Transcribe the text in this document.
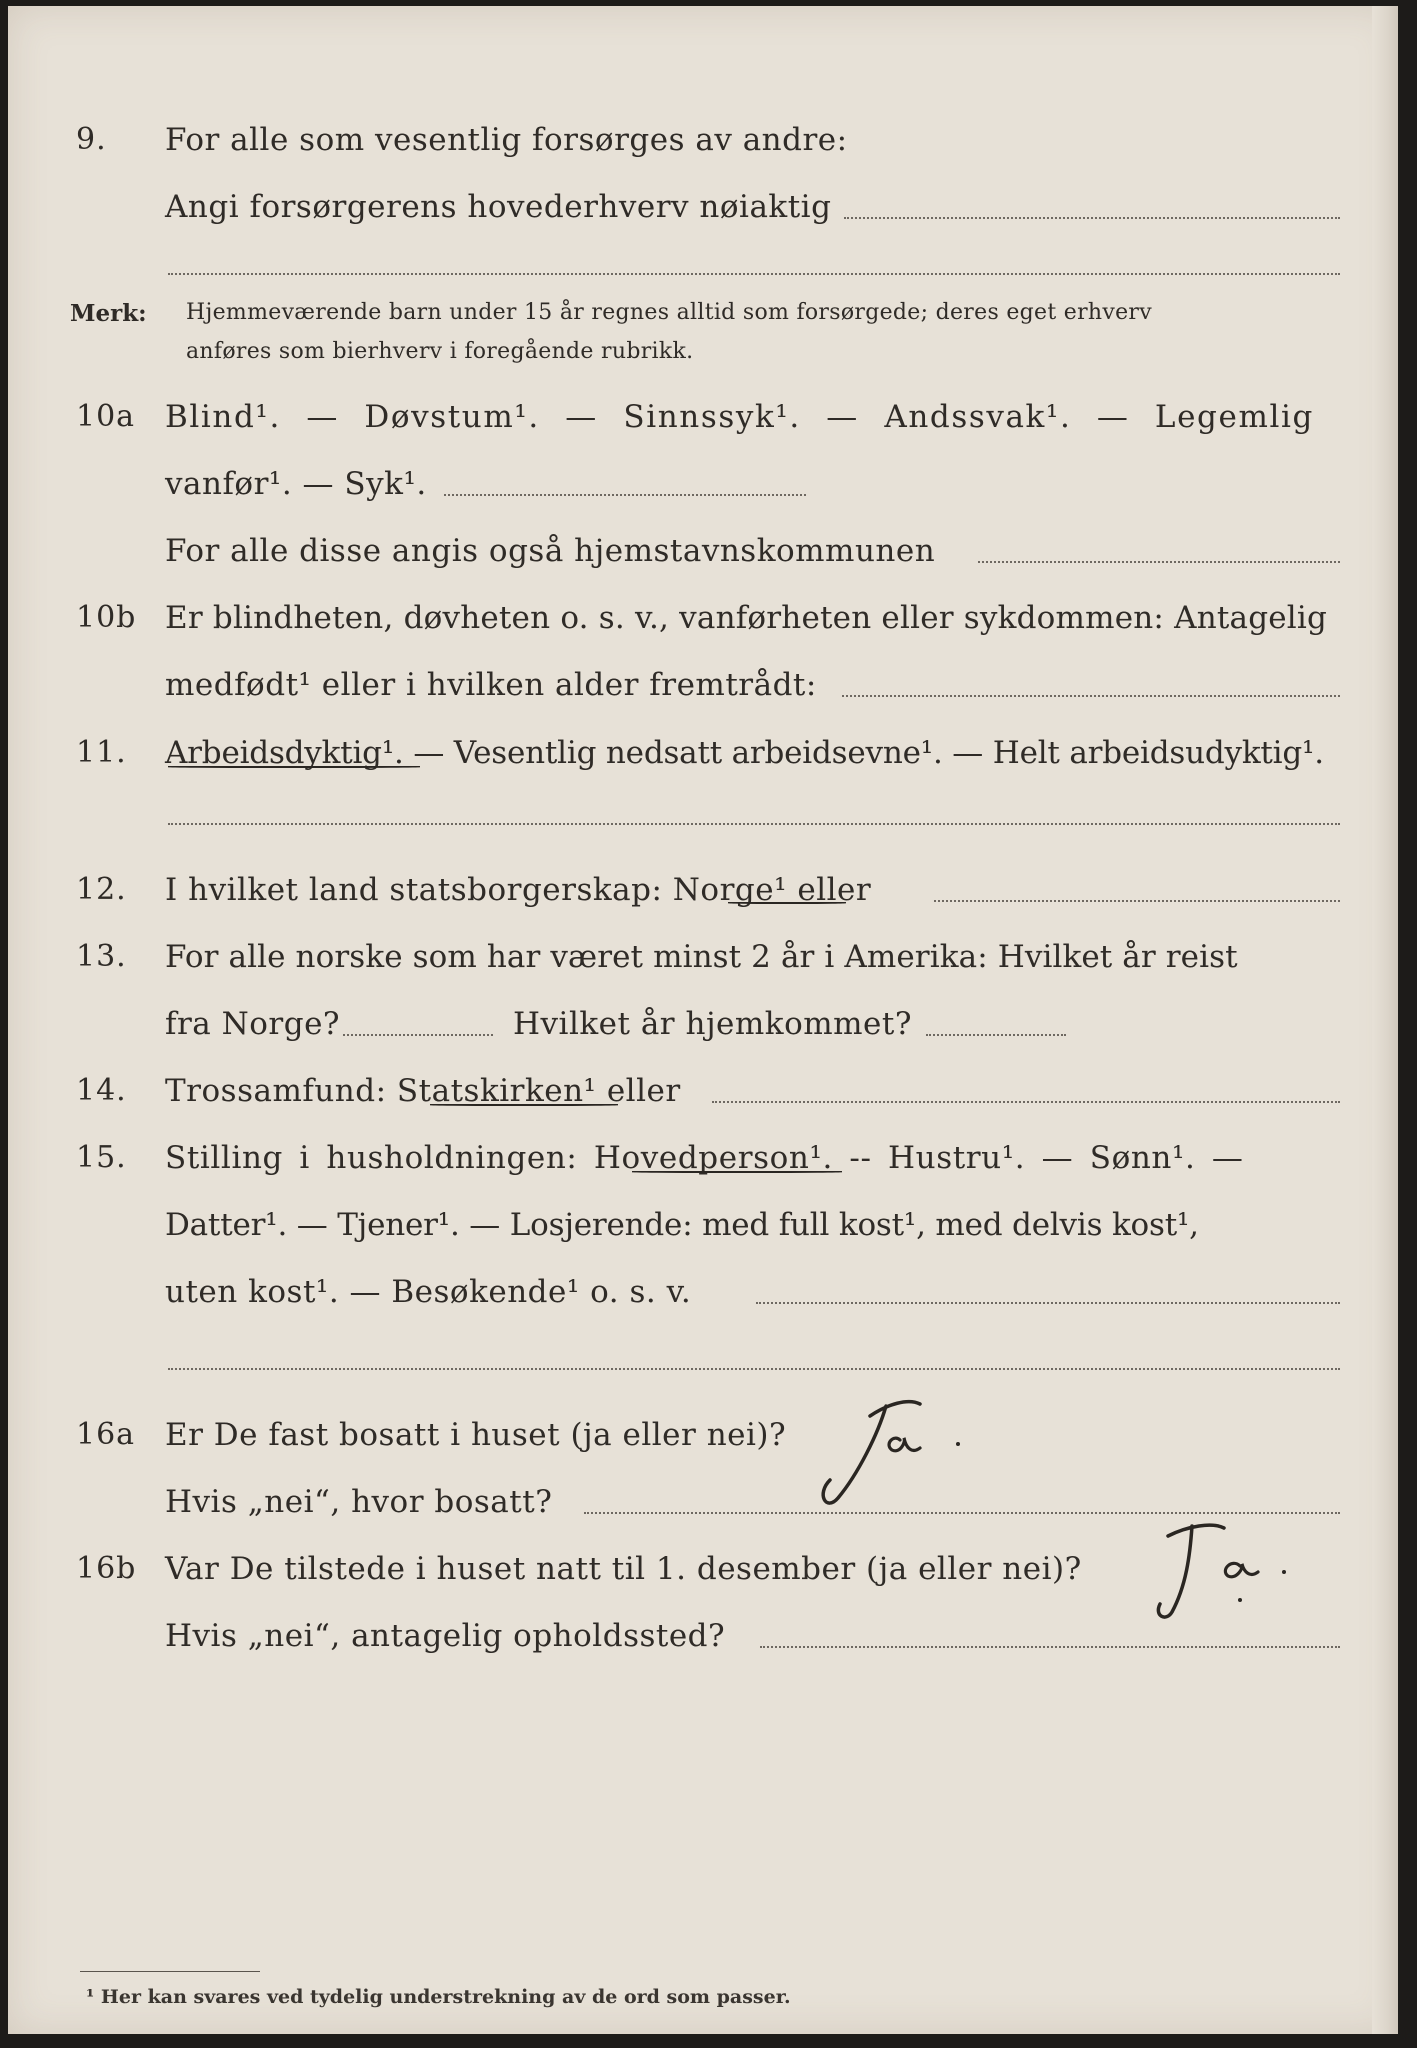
9. For alle som vesentlig forsørges av andre:
Angi forsørgerens hovederhverv nøiaktig
Merk: Hjemmeværende barn under 15 år regnes alltid som forsørgede; deres eget erhverv
anføres som bierhverv i foregående rubrikk.
10a Blind¹. — Døvstum¹. — Sinnssyk¹. — Andssvak¹. — Legemlig
vanfør¹. — Syk¹.
For alle disse angis også hjemstavnskommunen
10b Er blindheten, døvheten o. s. v., vanførheten eller sykdommen: Antagelig
medfødt¹ eller i hvilken alder fremtrådt:
11. Arbeidsdyktig¹. — Vesentlig nedsatt arbeidsevne¹. — Helt arbeidsudyktig¹.
12. I hvilket land statsborgerskap: Norge¹ eller
13. For alle norske som har været minst 2 år i Amerika: Hvilket år reist
fra Norge?	Hvilket år hjemkommet?
14. Trossamfund: Statskirken¹ eller
15. Stilling i husholdningen: Hovedperson¹. -- Hustru¹. — Sønn¹. —
Datter¹. — Tjener¹. — Losjerende: med full kost¹, med delvis kost¹,
uten kost¹. — Besøkende¹ o. s. v.
16a Er De fast bosatt i huset (ja eller nei)?
Hvis „nei“, hvor bosatt?
16b Var De tilstede i huset natt til 1. desember (ja eller nei)?
Hvis „nei“, antagelig opholdssted?
¹ Her kan svares ved tydelig understrekning av de ord som passer.
